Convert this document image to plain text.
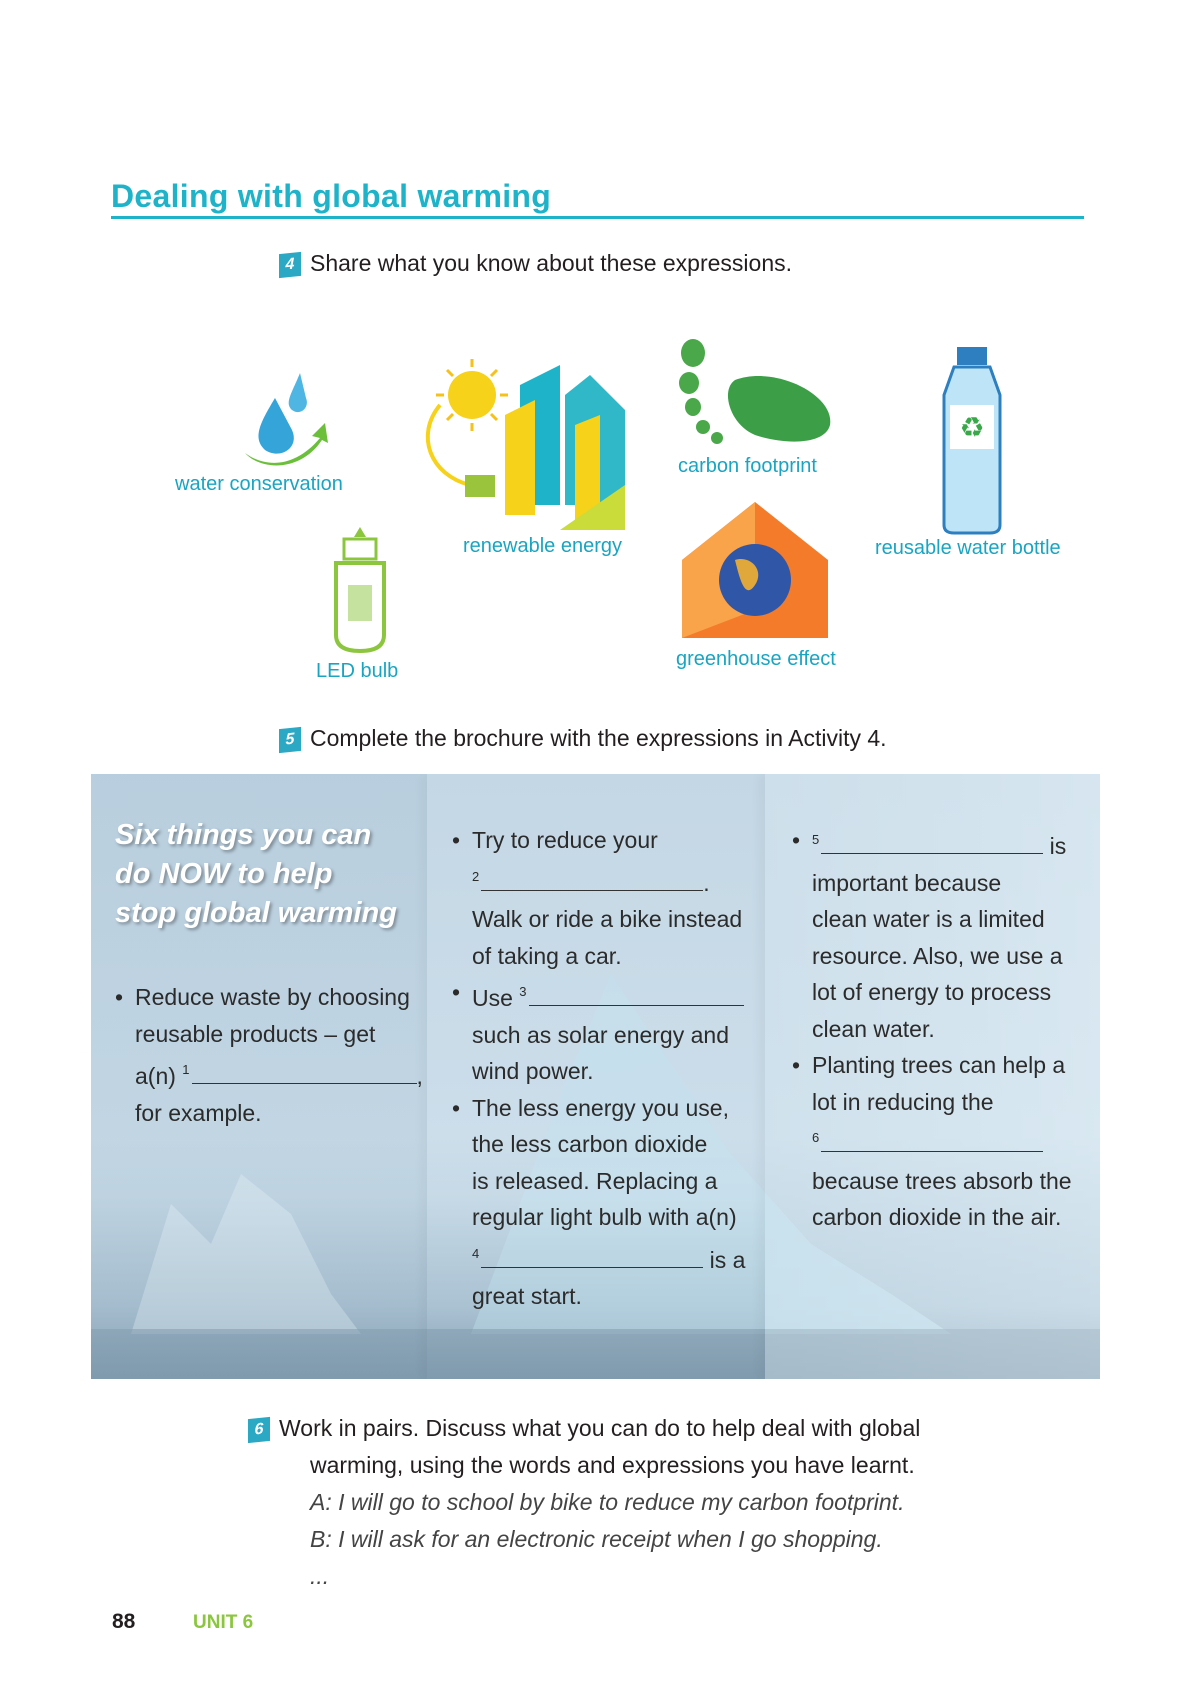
Dealing with global warming
4 Share what you know about these expressions.
water conservation
renewable energy
carbon footprint
♻
reusable water bottle
LED bulb
greenhouse effect
5 Complete the brochure with the expressions in Activity 4.
Six things you can
do NOW to help
stop global warming

• Reduce waste by choosing

reusable products – get

a(n) $^1$	,

for example.

• Try to reduce your

$^2$	.

Walk or ride a bike instead

of taking a car.

• Use $^3$

such as solar energy and

wind power.

• The less energy you use,

the less carbon dioxide

is released. Replacing a

regular light bulb with a(n)

$^4$	is a

great start.

• $^5$	is

important because

clean water is a limited

resource. Also, we use a

lot of energy to process

clean water.

• Planting trees can help a

lot in reducing the

$^6$

because trees absorb the

carbon dioxide in the air.

6 Work in pairs. Discuss what you can do to help deal with global
warming, using the words and expressions you have learnt.
A: I will go to school by bike to reduce my carbon footprint.
B: I will ask for an electronic receipt when I go shopping.
...
88	UNIT 6
